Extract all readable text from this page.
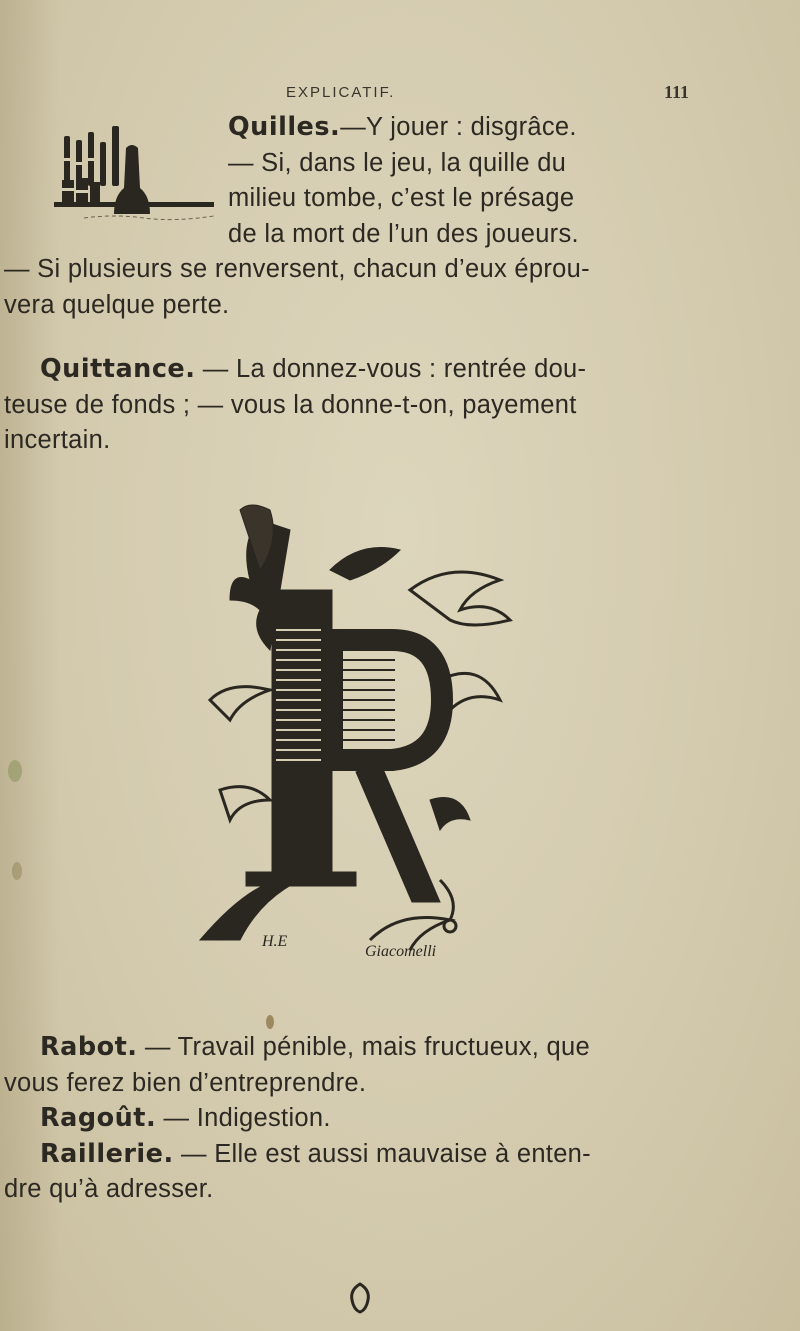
EXPLICATIF.	111
Quilles.—Y jouer : disgrâce.
— Si, dans le jeu, la quille du
milieu tombe, c’est le présage
de la mort de l’un des joueurs.
— Si plusieurs se renversent, chacun d’eux éprou-
vera quelque perte.
Quittance. — La donnez-vous : rentrée dou-
teuse de fonds ; — vous la donne-t-on, payement
incertain.
H.E
Giacomelli
Rabot. — Travail pénible, mais fructueux, que
vous ferez bien d’entreprendre.
Ragoût. — Indigestion.
Raillerie. — Elle est aussi mauvaise à enten-
dre qu’à adresser.
